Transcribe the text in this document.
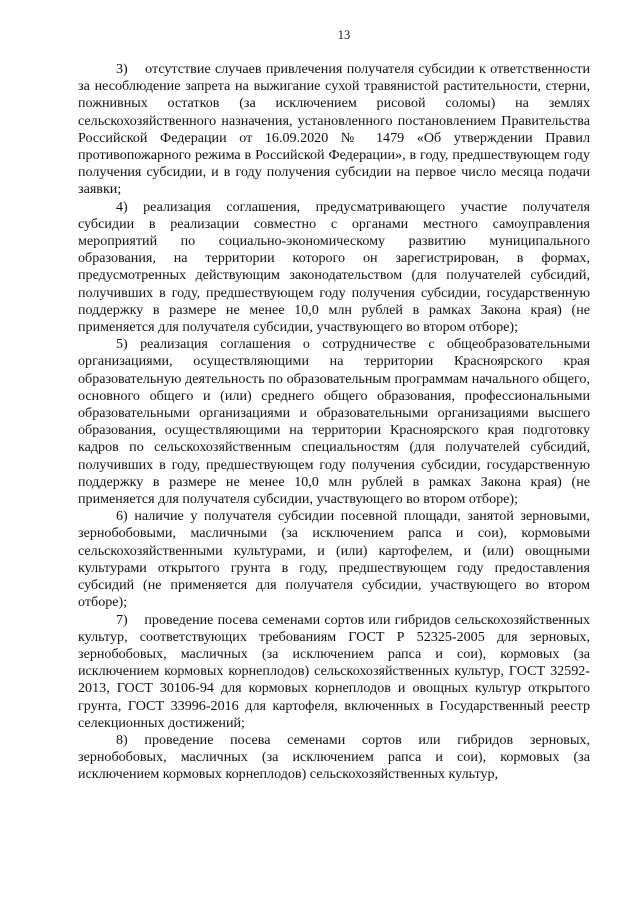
13

3)    отсутствие случаев привлечения получателя субсидии к ответственности за несоблюдение запрета на выжигание сухой травянистой растительности, стерни, пожнивных остатков (за исключением рисовой соломы) на землях сельскохозяйственного назначения, установленного постановлением Правительства Российской Федерации от 16.09.2020 № 1479 «Об утверждении Правил противопожарного режима в Российской Федерации», в году, предшествующем году получения субсидии, и в году получения субсидии на первое число месяца подачи заявки;

4) реализация соглашения, предусматривающего участие получателя субсидии в реализации совместно с органами местного самоуправления мероприятий по социально-экономическому развитию муниципального образования, на территории которого он зарегистрирован, в формах, предусмотренных действующим законодательством (для получателей субсидий, получивших в году, предшествующем году получения субсидии, государственную поддержку в размере не менее 10,0 млн рублей в рамках Закона края) (не применяется для получателя субсидии, участвующего во втором отборе);

5) реализация соглашения о сотрудничестве с общеобразовательными организациями, осуществляющими на территории Красноярского края образовательную деятельность по образовательным программам начального общего, основного общего и (или) среднего общего образования, профессиональными образовательными организациями и образовательными организациями высшего образования, осуществляющими на территории Красноярского края подготовку кадров по сельскохозяйственным специальностям (для получателей субсидий, получивших в году, предшествующем году получения субсидии, государственную поддержку в размере не менее 10,0 млн рублей в рамках Закона края) (не применяется для получателя субсидии, участвующего во втором отборе);

6) наличие у получателя субсидии посевной площади, занятой зерновыми, зернобобовыми, масличными (за исключением рапса и сои), кормовыми сельскохозяйственными культурами, и (или) картофелем, и (или) овощными культурами открытого грунта в году, предшествующем году предоставления субсидий (не применяется для получателя субсидии, участвующего во втором отборе);

7)    проведение посева семенами сортов или гибридов сельскохозяйственных культур, соответствующих требованиям ГОСТ Р 52325-2005 для зерновых, зернобобовых, масличных (за исключением рапса и сои), кормовых (за исключением кормовых корнеплодов) сельскохозяйственных культур, ГОСТ 32592-2013, ГОСТ 30106-94 для кормовых корнеплодов и овощных культур открытого грунта, ГОСТ 33996-2016 для картофеля, включенных в Государственный реестр селекционных достижений;

8) проведение посева семенами сортов или гибридов зерновых, зернобобовых, масличных (за исключением рапса и сои), кормовых (за исключением кормовых корнеплодов) сельскохозяйственных культур,
